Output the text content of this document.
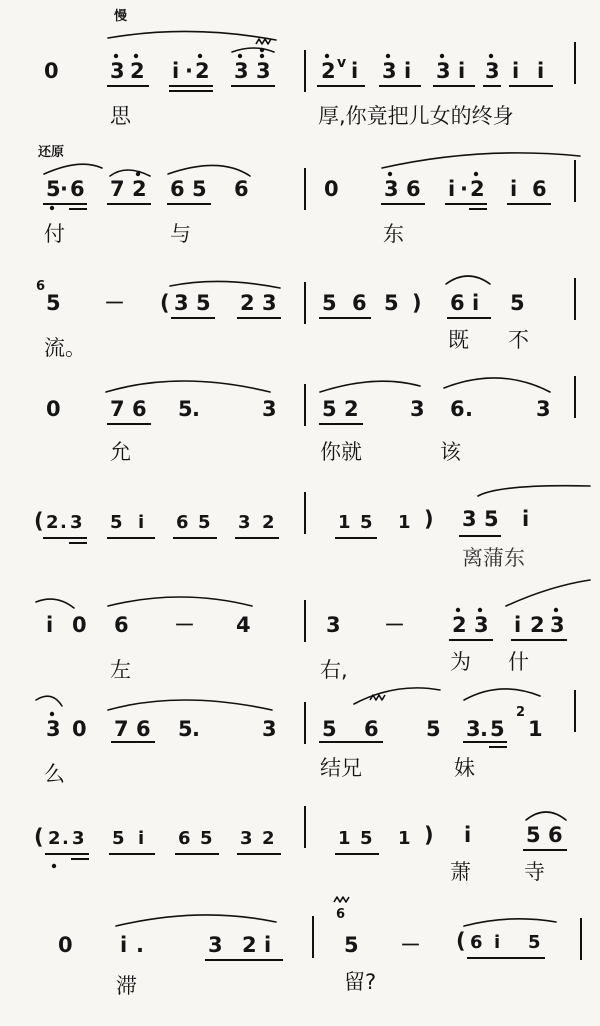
慢
0 3 2 i · 2 3 3 2 ⅴ i 3 i 3 i 3 i i
思	厚,你竟把儿女的终身
还原
5 · 6 7 2 6 5 6	0 3 6 i · 2 i 6
付	与	东
6
5 － ( 3 5 2 3 5 6 5 ) 6 i 5
流。	既 不
0 7 6 5 .	3 5 2 3 6 .	3
允	你就	该
( 2 . 3 5 i 6 5 3 2	1 5 1 ) 3 5 i
离蒲东
i 0 6 － 4	3 － 2 3 i 2 3
左	右,	为 什
3 0 7 6 5 .	3 5 6 5 3 . 5
2
1
么	结兄	妹
( 2 . 3 5 i 6 5 3 2	1 5 1 ) i	5 6
萧	寺
0 i .	3 2 i
6
5 － ( 6 i 5
滞	留?
